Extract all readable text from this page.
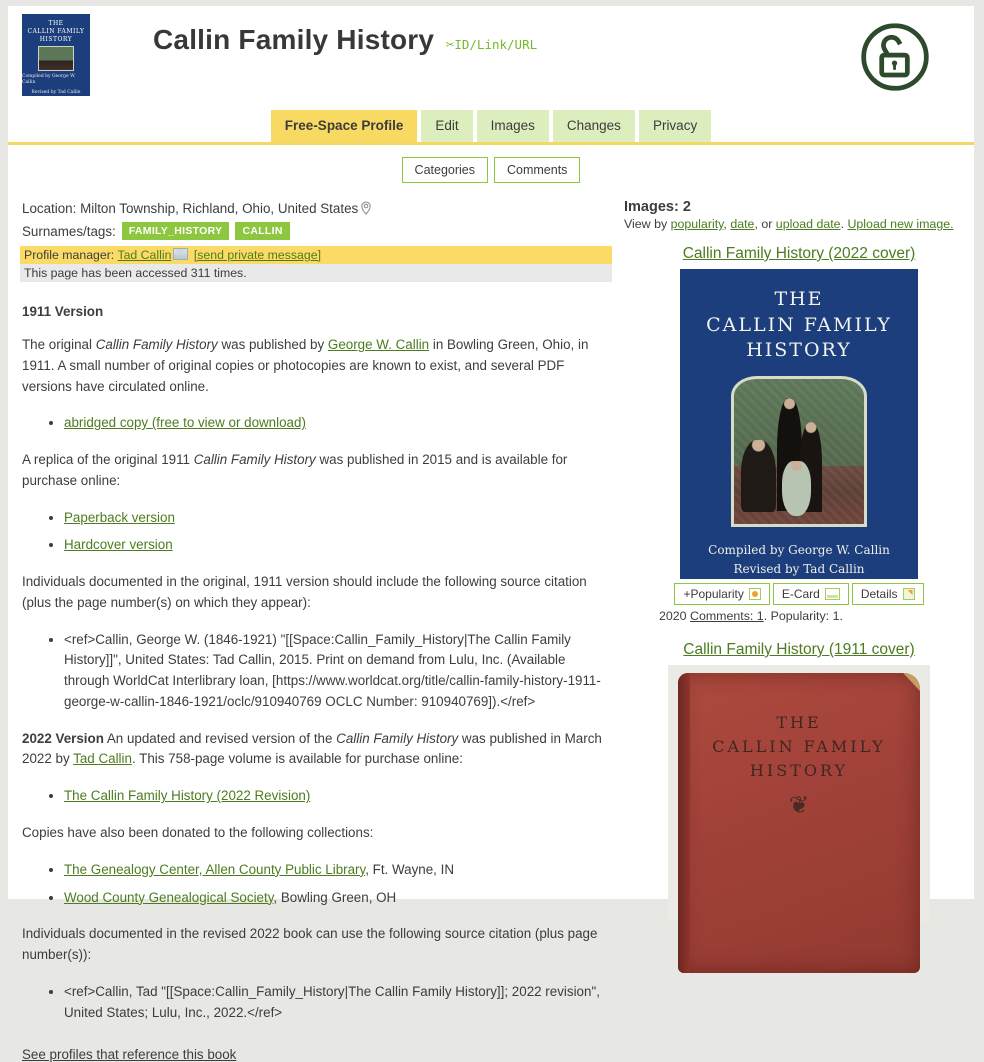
THE
CALLIN FAMILY
HISTORY
Compiled by George W. Callin
Revised by Tad Callin
Callin Family History ✂ID/Link/URL
Free-Space Profile	Edit	Images	Changes	Privacy
Categories	Comments
Location: Milton Township, Richland, Ohio, United States
Surnames/tags:	FAMILY_HISTORY	CALLIN
Profile manager: Tad Callin [send private message]
This page has been accessed 311 times.
1911 Version

The original Callin Family History was published by George W. Callin in Bowling Green, Ohio, in 1911. A small number of original copies or photocopies are known to exist, and several PDF versions have circulated online.

• abridged copy (free to view or download)

A replica of the original 1911 Callin Family History was published in 2015 and is available for purchase online:

• Paperback version
• Hardcover version

Individuals documented in the original, 1911 version should include the following source citation (plus the page number(s) on which they appear):

• <ref>Callin, George W. (1846-1921) "[[Space:Callin_Family_History|The Callin Family History]]", United States: Tad Callin, 2015. Print on demand from Lulu, Inc. (Available through WorldCat Interlibrary loan, [https://www.worldcat.org/title/callin-family-history-1911-george-w-callin-1846-1921/oclc/910940769 OCLC Number: 910940769]).</ref>

2022 Version An updated and revised version of the Callin Family History was published in March 2022 by Tad Callin. This 758-page volume is available for purchase online:

• The Callin Family History (2022 Revision)

Copies have also been donated to the following collections:

• The Genealogy Center, Allen County Public Library, Ft. Wayne, IN
• Wood County Genealogical Society, Bowling Green, OH

Individuals documented in the revised 2022 book can use the following source citation (plus page number(s)):

• <ref>Callin, Tad "[[Space:Callin_Family_History|The Callin Family History]]; 2022 revision", United States; Lulu, Inc., 2022.</ref>
See profiles that reference this book
Images: 2
View by popularity, date, or upload date. Upload new image.
Callin Family History (2022 cover)
THE
CALLIN FAMILY
HISTORY
Compiled by George W. Callin
Revised by Tad Callin
+Popularity	E-Card	Details
2020 Comments: 1. Popularity: 1.
Callin Family History (1911 cover)
THE
CALLIN FAMILY
HISTORY
❦
